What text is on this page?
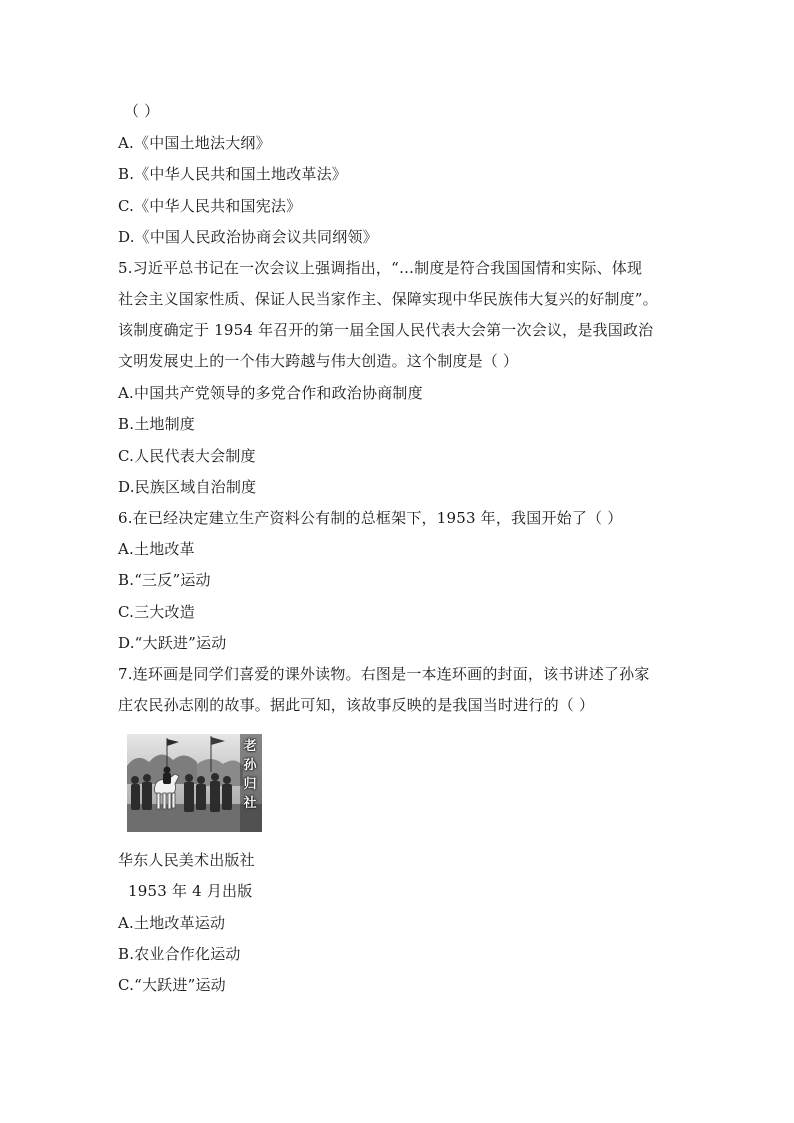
（ ）
A.《中国土地法大纲》
B.《中华人民共和国土地改革法》
C.《中华人民共和国宪法》
D.《中国人民政治协商会议共同纲领》
5.习近平总书记在一次会议上强调指出，“…制度是符合我国国情和实际、体现
社会主义国家性质、保证人民当家作主、保障实现中华民族伟大复兴的好制度”。
该制度确定于 1954 年召开的第一届全国人民代表大会第一次会议，是我国政治
文明发展史上的一个伟大跨越与伟大创造。这个制度是（ ）
A.中国共产党领导的多党合作和政治协商制度
B.土地制度
C.人民代表大会制度
D.民族区域自治制度
6.在已经决定建立生产资料公有制的总框架下，1953 年，我国开始了（ ）
A.土地改革
B.“三反”运动
C.三大改造
D.“大跃进”运动
7.连环画是同学们喜爱的课外读物。右图是一本连环画的封面，该书讲述了孙家
庄农民孙志刚的故事。据此可知，该故事反映的是我国当时进行的（ ）
老
孙
归
社
华东人民美术出版社
1953 年 4 月出版
A.土地改革运动
B.农业合作化运动
C.“大跃进”运动
